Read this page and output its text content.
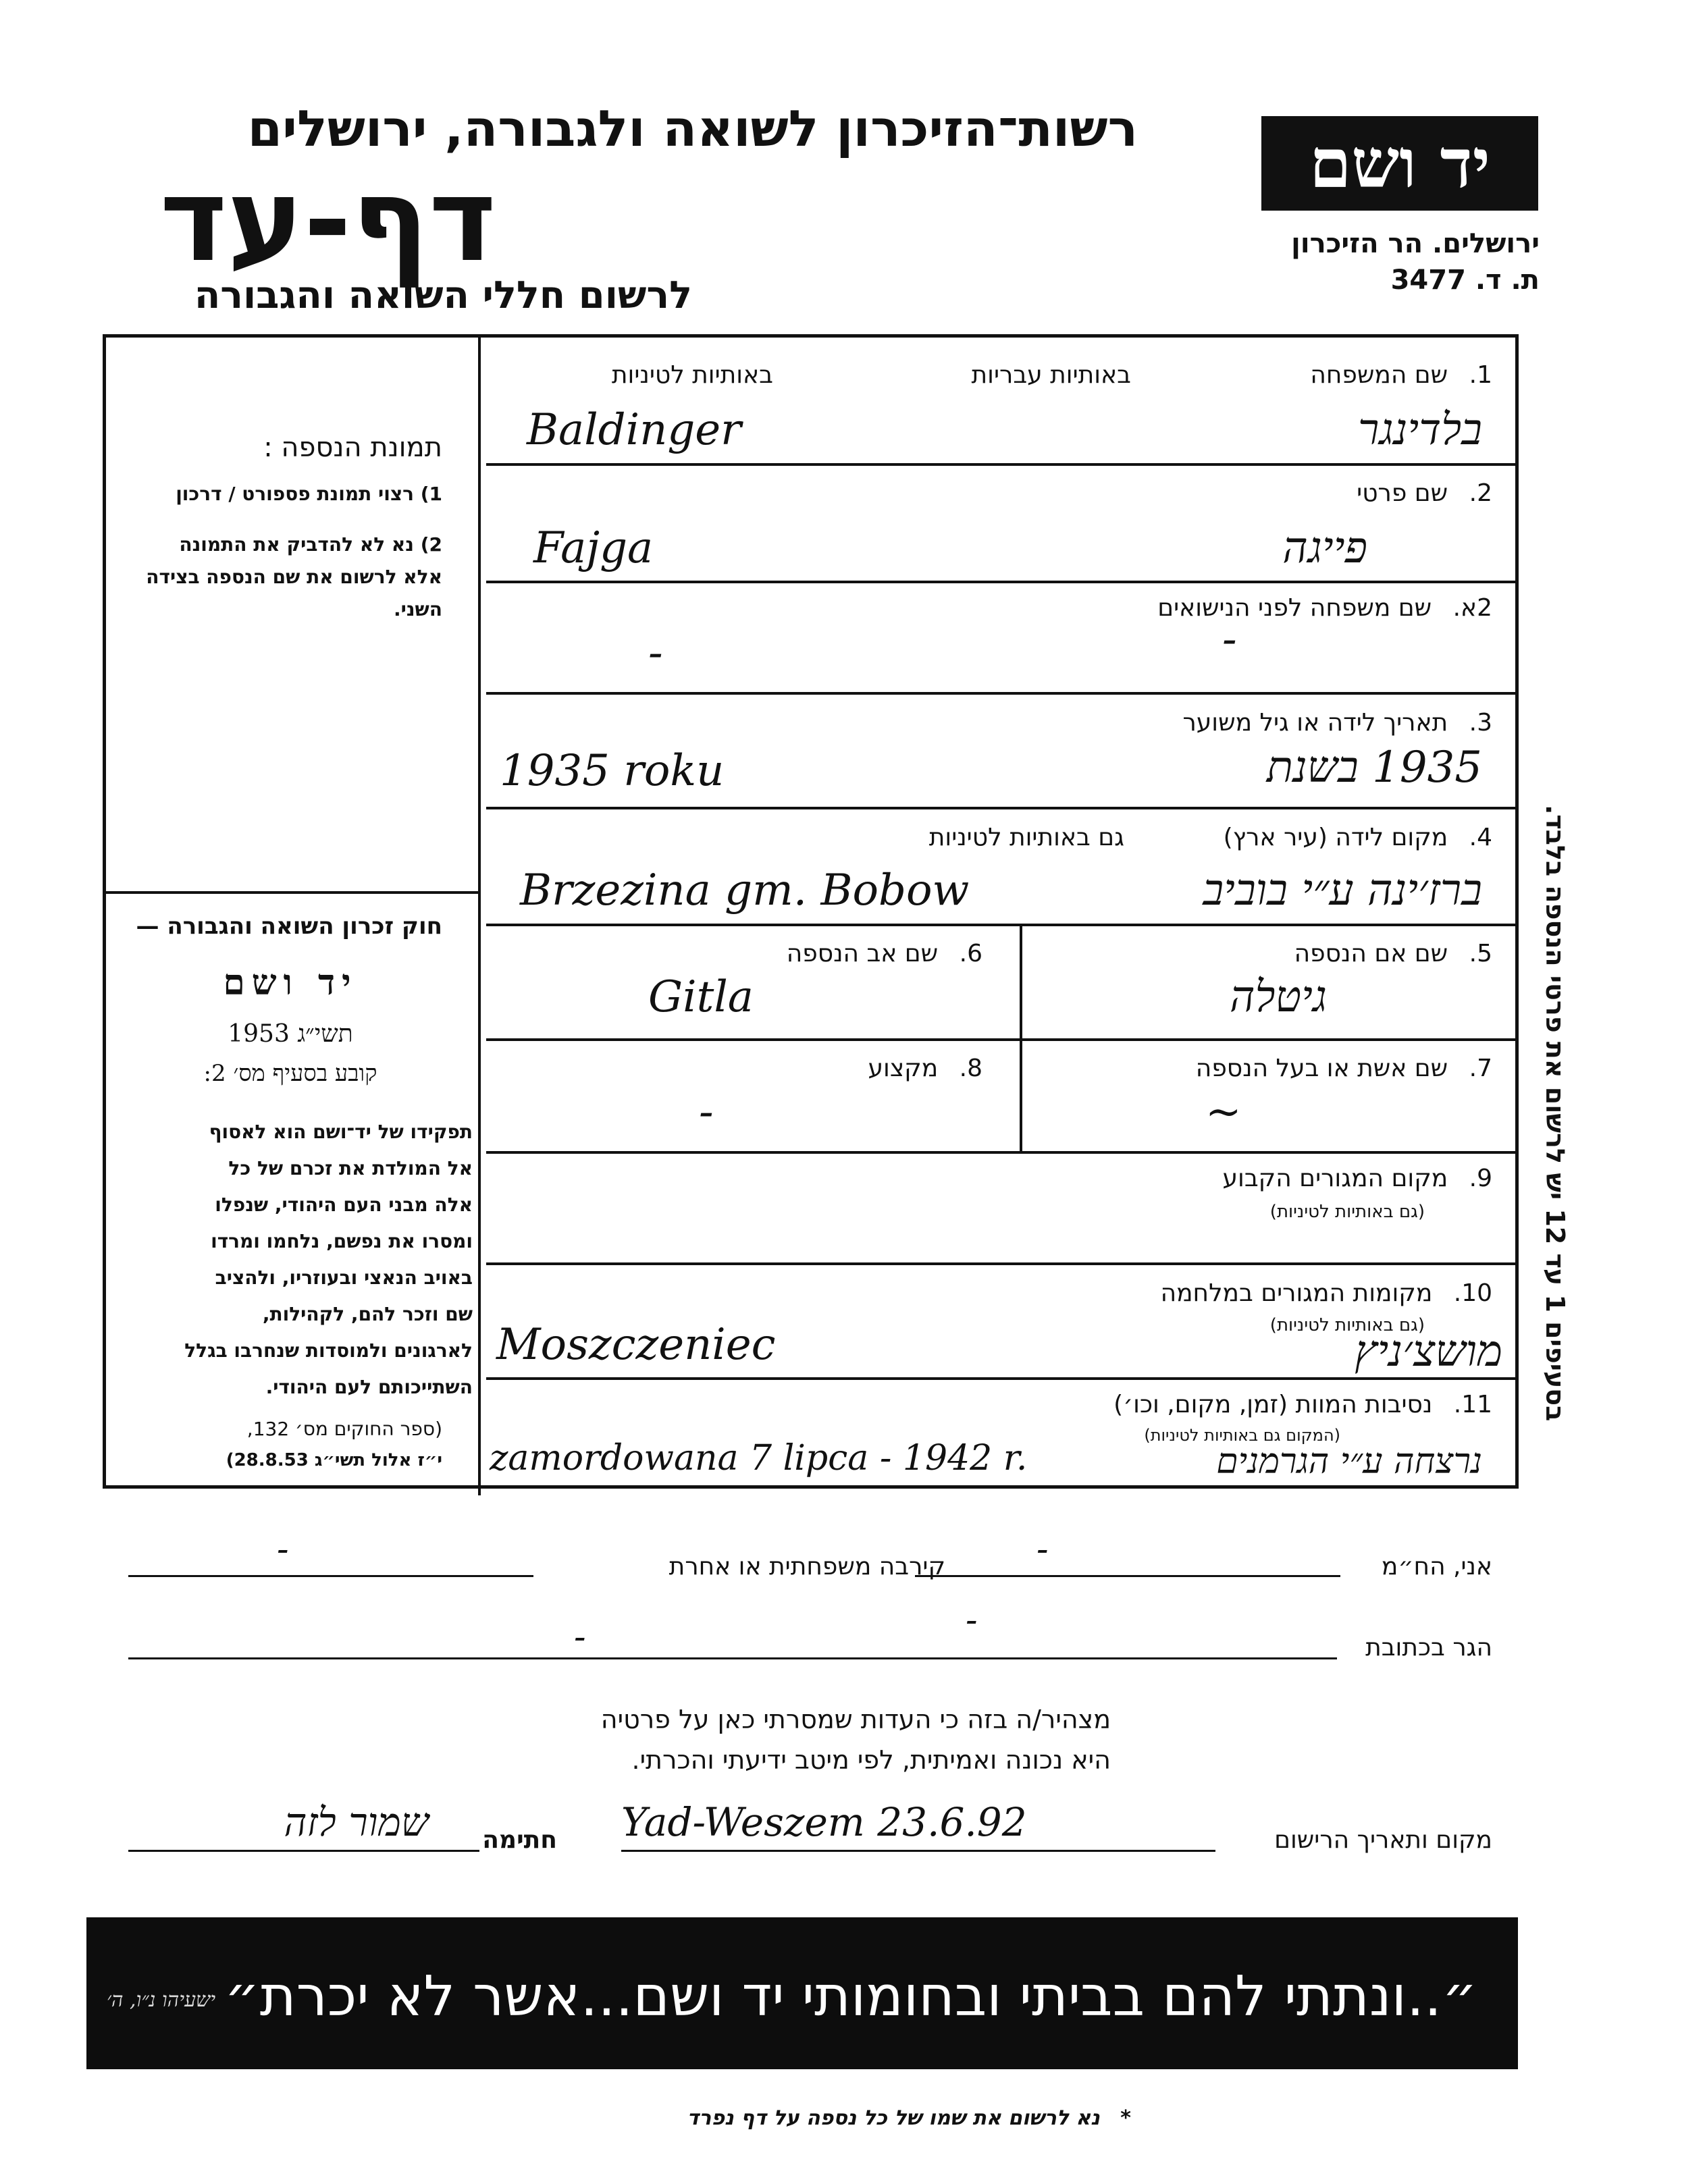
רשות־הזיכרון לשואה ולגבורה, ירושלים
דף-עד
לרשום חללי השואה והגבורה
יד ושם
ירושלים. הר הזיכרון
ת. ד. 3477
תמונת הנספה :
1) רצוי תמונת פספורט / דרכון
2) נא לא להדביק את התמונה
אלא לרשום את שם הנספה בצידה
השני.
חוק זכרון השואה והגבורה —
יד ושם
תשי״ג 1953
קובע בסעיף מס׳ 2:
תפקידו של יד־ושם הוא לאסוף
אל המולדת את זכרם של כל
אלה מבני העם היהודי, שנפלו
ומסרו את נפשם, נלחמו ומרדו
באויב הנאצי ובעוזריו, ולהציב
שם וזכר להם, לקהילות,
לארגונים ולמוסדות שנחרבו בגלל
השתייכותם לעם היהודי.
(ספר החוקים מס׳ 132,
י״ז אלול תשי״ג 28.8.53)
1. שם המשפחה
באותיות עבריות
באותיות לטיניות
Baldinger	בלדינגר
2. שם פרטי
Fajga	פייגה
2א. שם משפחה לפני הנישואים
-	-
3. תאריך לידה או גיל משוער
1935 roku	1935 בשנת
4. מקום לידה (עיר ארץ)
גם באותיות לטיניות
Brzezina gm. Bobow	ברז׳ינה ע״י בוביב
5. שם אם הנספה
גיטלה
6. שם אב הנספה
Gitla
7. שם אשת או בעל הנספה
~
8. מקצוע
-
9. מקום המגורים הקבוע
(גם באותיות לטיניות)
10. מקומות המגורים במלחמה
(גם באותיות לטיניות)
Moszczeniec	מושצ׳ניץ
11. נסיבות המוות (זמן, מקום, וכו׳)
(המקום גם באותיות לטיניות)
zamordowana 7 lipca - 1942 r.	נרצחה ע״י הגרמנים
בסעיפים 1 עד 12 יש לרשום את פרטי הנספה בלבד.
אני, הח״מ
-
קירבה משפחתית או אחרת
-
הגר בכתובת
-	-
מצהיר/ה בזה כי העדות שמסרתי כאן על פרטיה
היא נכונה ואמיתית, לפי מיטב ידיעתי והכרתי.
מקום ותאריך הרישום
Yad-Weszem 23.6.92
חתימה
שמור לזה
״..ונתתי להם בביתי ובחומותי יד ושם...אשר לא יכרת״
ישעיהו נ״ו, ה׳
* נא לרשום את שמו של כל נספה על דף נפרד
